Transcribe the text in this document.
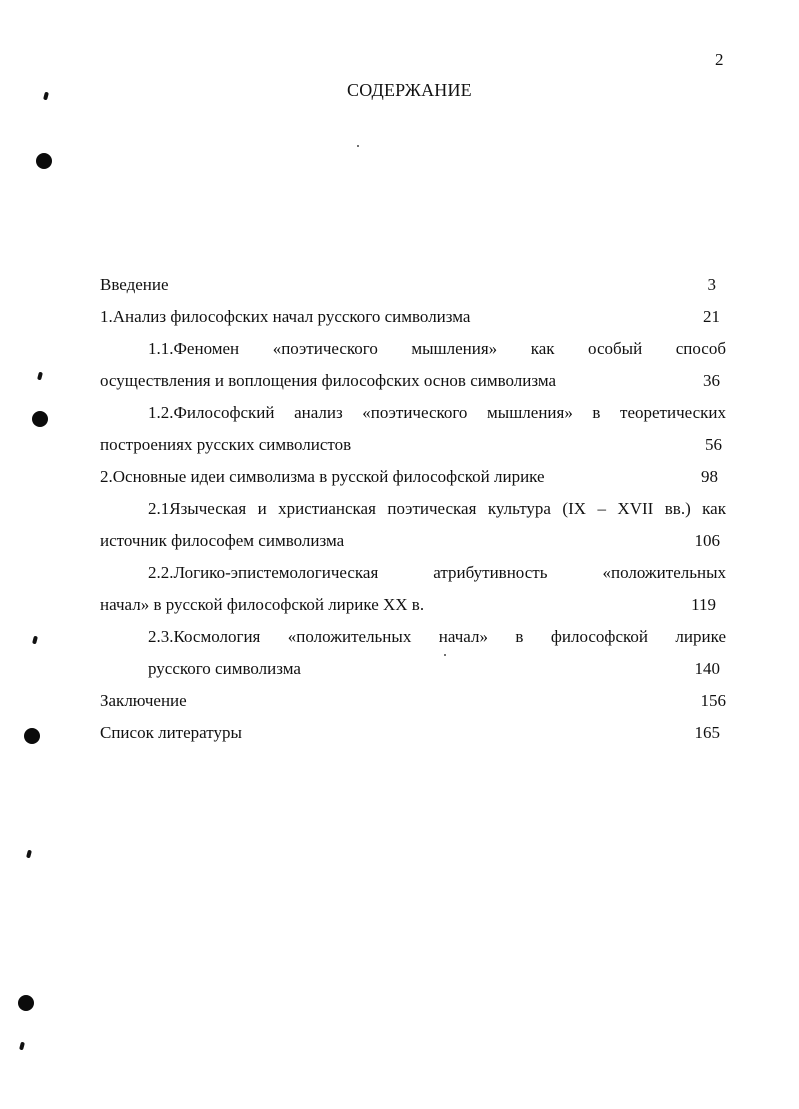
2
СОДЕРЖАНИЕ
Введение	3
1.Анализ философских начал русского символизма	21
1.1.Феномен «поэтического мышления» как особый способ
осуществления и воплощения философских основ символизма	36
1.2.Философский анализ «поэтического мышления» в теоретических
построениях русских символистов	56
2.Основные идеи символизма в русской философской лирике	98
2.1Языческая и христианская поэтическая культура (IX – XVII вв.) как
источник философем символизма	106
2.2.Логико-эпистемологическая атрибутивность «положительных
начал» в русской философской лирике XX в.	119
2.3.Космология «положительных начал» в философской лирике
русского символизма	140
Заключение	156
Список литературы	165
